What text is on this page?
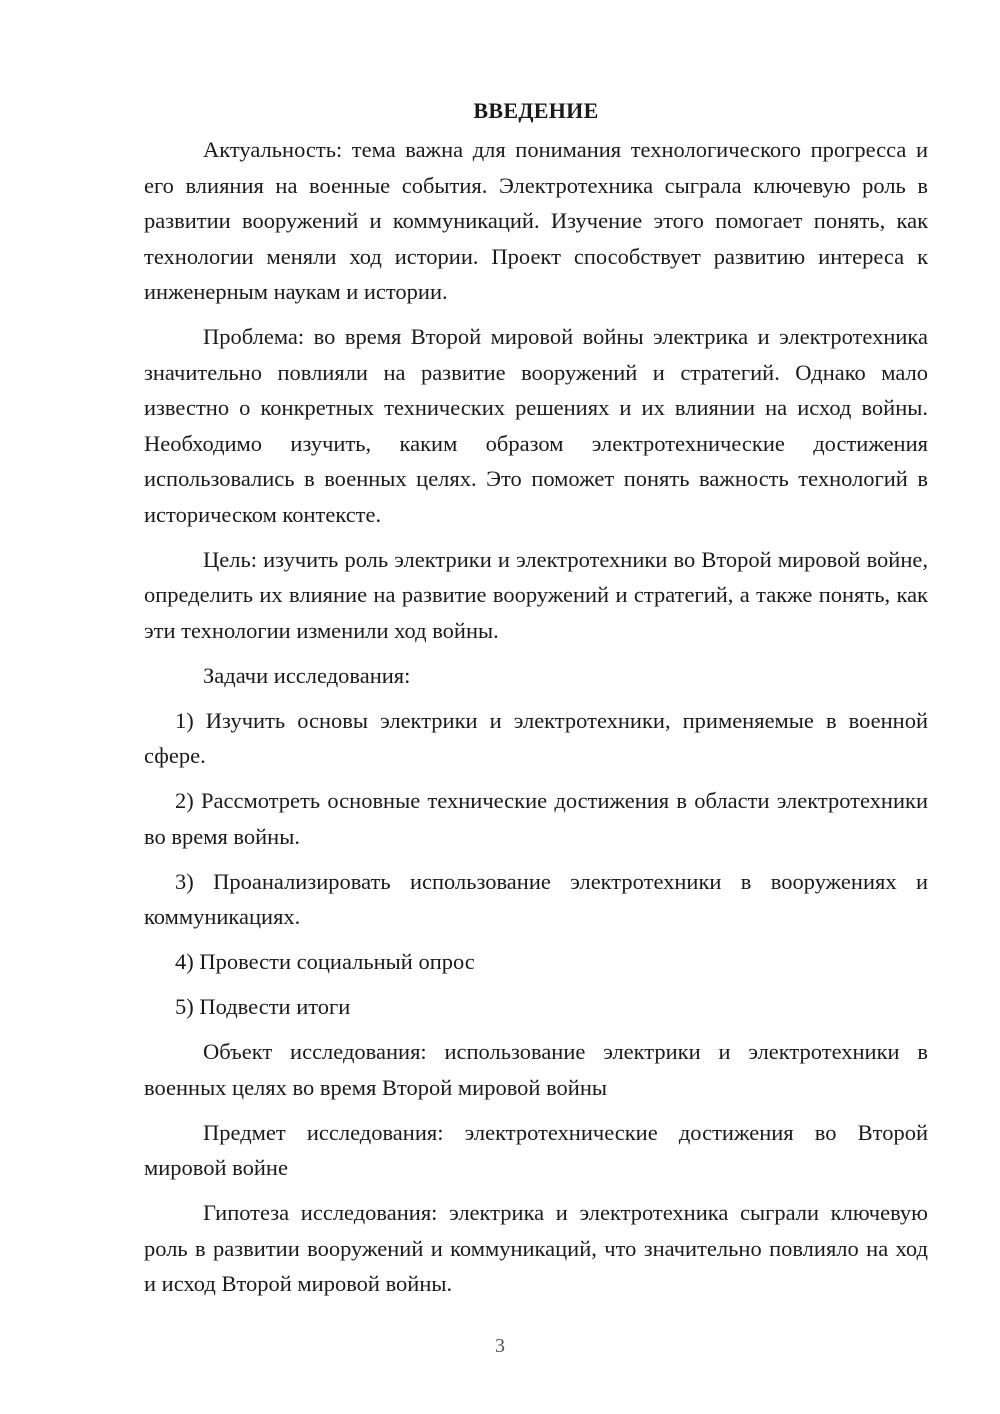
ВВЕДЕНИЕ

Актуальность: тема важна для понимания технологического прогресса и его влияния на военные события. Электротехника сыграла ключевую роль в развитии вооружений и коммуникаций. Изучение этого помогает понять, как технологии меняли ход истории. Проект способствует развитию интереса к инженерным наукам и истории.

Проблема: во время Второй мировой войны электрика и электротехника значительно повлияли на развитие вооружений и стратегий. Однако мало известно о конкретных технических решениях и их влиянии на исход войны. Необходимо изучить, каким образом электротехнические достижения использовались в военных целях. Это поможет понять важность технологий в историческом контексте.

Цель: изучить роль электрики и электротехники во Второй мировой войне, определить их влияние на развитие вооружений и стратегий, а также понять, как эти технологии изменили ход войны.

Задачи исследования:

1) Изучить основы электрики и электротехники, применяемые в военной сфере.

2) Рассмотреть основные технические достижения в области электротехники во время войны.

3) Проанализировать использование электротехники в вооружениях и коммуникациях.

4) Провести социальный опрос

5) Подвести итоги

Объект исследования: использование электрики и электротехники в военных целях во время Второй мировой войны

Предмет исследования: электротехнические достижения во Второй мировой войне

Гипотеза исследования: электрика и электротехника сыграли ключевую роль в развитии вооружений и коммуникаций, что значительно повлияло на ход и исход Второй мировой войны.

3
